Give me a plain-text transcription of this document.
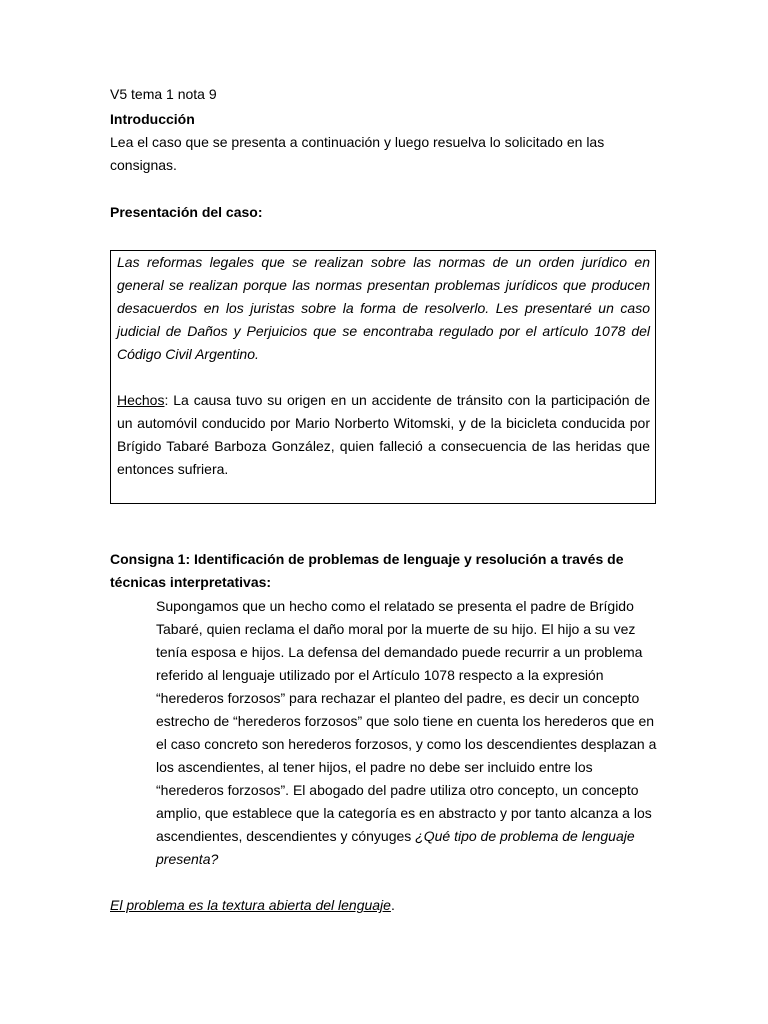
V5 tema 1 nota 9
Introducción
Lea el caso que se presenta a continuación y luego resuelva lo solicitado en las
consignas.
Presentación del caso:

Las reformas legales que se realizan sobre las normas de un orden jurídico en general se realizan porque las normas presentan problemas jurídicos que producen desacuerdos en los juristas sobre la forma de resolverlo. Les presentaré un caso judicial de Daños y Perjuicios que se encontraba regulado por el artículo 1078 del Código Civil Argentino.

Hechos: La causa tuvo su origen en un accidente de tránsito con la participación de un automóvil conducido por Mario Norberto Witomski, y de la bicicleta conducida por Brígido Tabaré Barboza González, quien falleció a consecuencia de las heridas que entonces sufriera.

Consigna 1: Identificación de problemas de lenguaje y resolución a través de
técnicas interpretativas:

Supongamos que un hecho como el relatado se presenta el padre de Brígido Tabaré, quien reclama el daño moral por la muerte de su hijo. El hijo a su vez tenía esposa e hijos. La defensa del demandado puede recurrir a un problema referido al lenguaje utilizado por el Artículo 1078 respecto a la expresión “herederos forzosos” para rechazar el planteo del padre, es decir un concepto estrecho de “herederos forzosos” que solo tiene en cuenta los herederos que en el caso concreto son herederos forzosos, y como los descendientes desplazan a los ascendientes, al tener hijos, el padre no debe ser incluido entre los “herederos forzosos”. El abogado del padre utiliza otro concepto, un concepto amplio, que establece que la categoría es en abstracto y por tanto alcanza a los ascendientes, descendientes y cónyuges ¿Qué tipo de problema de lenguaje presenta?

El problema es la textura abierta del lenguaje.
